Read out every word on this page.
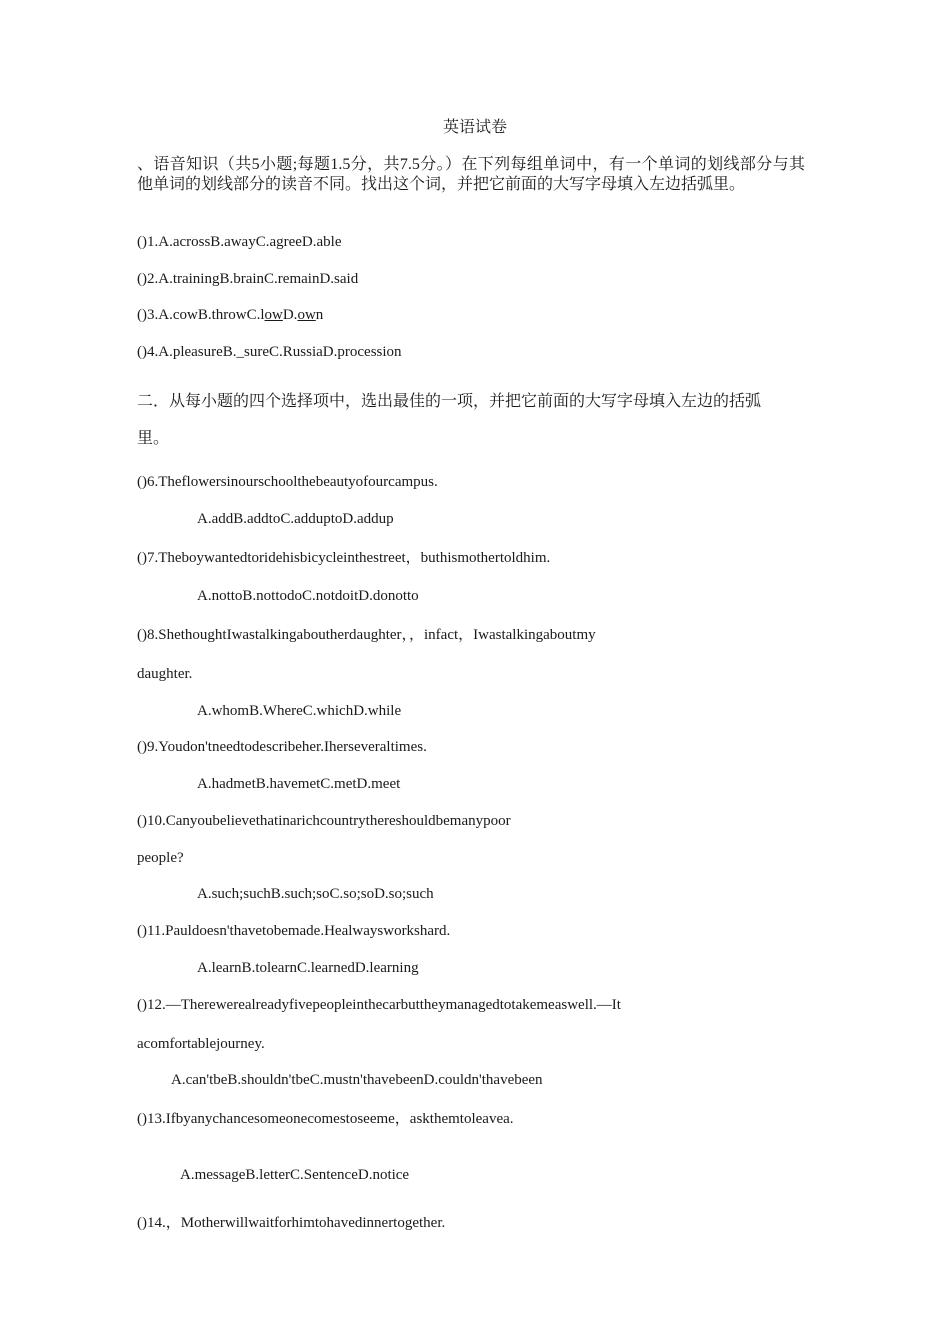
英语试卷
、语音知识（共5小题;每题1.5分，共7.5分。）在下列每组单词中，有一个单词的划线部分与其他单词的划线部分的读音不同。找出这个词，并把它前面的大写字母填入左边括弧里。
()1.A.acrossB.awayC.agreeD.able
()2.A.trainingB.brainC.remainD.said
()3.A.cowB.throwC.lowD.own
()4.A.pleasureB._sureC.RussiaD.procession
二．从每小题的四个选择项中，选出最佳的一项，并把它前面的大写字母填入左边的括弧
里。
()6.Theflowersinourschoolthebeautyofourcampus.
A.addB.addtoC.adduptoD.addup
()7.Theboywantedtoridehisbicycleinthestreet，buthismothertoldhim.
A.nottoB.nottodoC.notdoitD.donotto
()8.ShethoughtIwastalkingaboutherdaughter，，infact，Iwastalkingaboutmy
daughter.
A.whomB.WhereC.whichD.while
()9.Youdon'tneedtodescribeher.Iherseveraltimes.
A.hadmetB.havemetC.metD.meet
()10.Canyoubelievethatinarichcountrythereshouldbemanypoor
people?
A.such;suchB.such;soC.so;soD.so;such
()11.Pauldoesn'thavetobemade.Healwaysworkshard.
A.learnB.tolearnC.learnedD.learning
()12.—Therewerealreadyfivepeopleinthecarbuttheymanagedtotakemeaswell.—It
acomfortablejourney.
A.can'tbeB.shouldn'tbeC.mustn'thavebeenD.couldn'thavebeen
()13.Ifbyanychancesomeonecomestoseeme，askthemtoleavea.
A.messageB.letterC.SentenceD.notice
()14.，Motherwillwaitforhimtohavedinnertogether.
